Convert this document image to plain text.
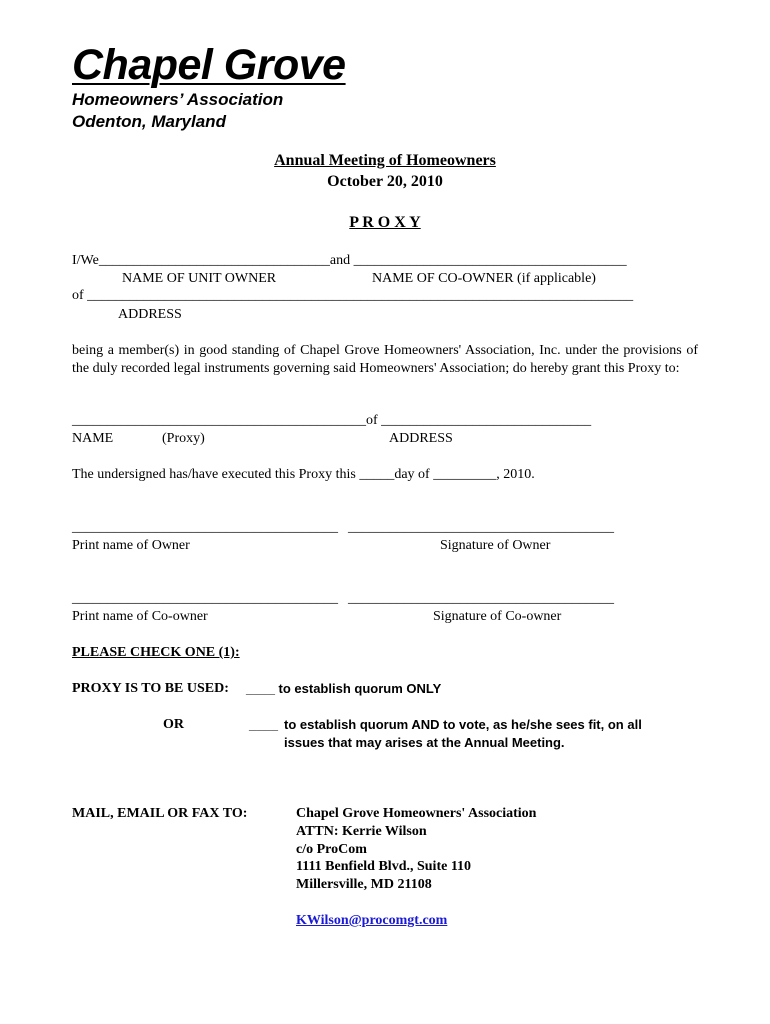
Chapel Grove
Homeowners’ Association
Odenton, Maryland
Annual Meeting of Homeowners
October 20, 2010
P R O X Y
I/We_________________________________and _______________________________________
NAME OF UNIT OWNER	NAME OF CO-OWNER (if applicable)
of ______________________________________________________________________________
ADDRESS
being a member(s) in good standing of Chapel Grove Homeowners' Association, Inc. under the provisions of the duly recorded legal instruments governing said Homeowners' Association; do hereby grant this Proxy to:
__________________________________________of ______________________________
NAME	(Proxy)	ADDRESS
The undersigned has/have executed this Proxy this _____day of _________, 2010.
______________________________________ ______________________________________
Print name of Owner	Signature of Owner
______________________________________ ______________________________________
Print name of Co-owner	Signature of Co-owner
PLEASE CHECK ONE (1):
PROXY IS TO BE USED: ____ to establish quorum ONLY
OR	____ to establish quorum AND to vote, as he/she sees fit, on all
issues that may arises at the Annual Meeting.
MAIL, EMAIL OR FAX TO:	Chapel Grove Homeowners' Association
ATTN: Kerrie Wilson
c/o ProCom
1111 Benfield Blvd., Suite 110
Millersville, MD 21108
KWilson@procomgt.com
